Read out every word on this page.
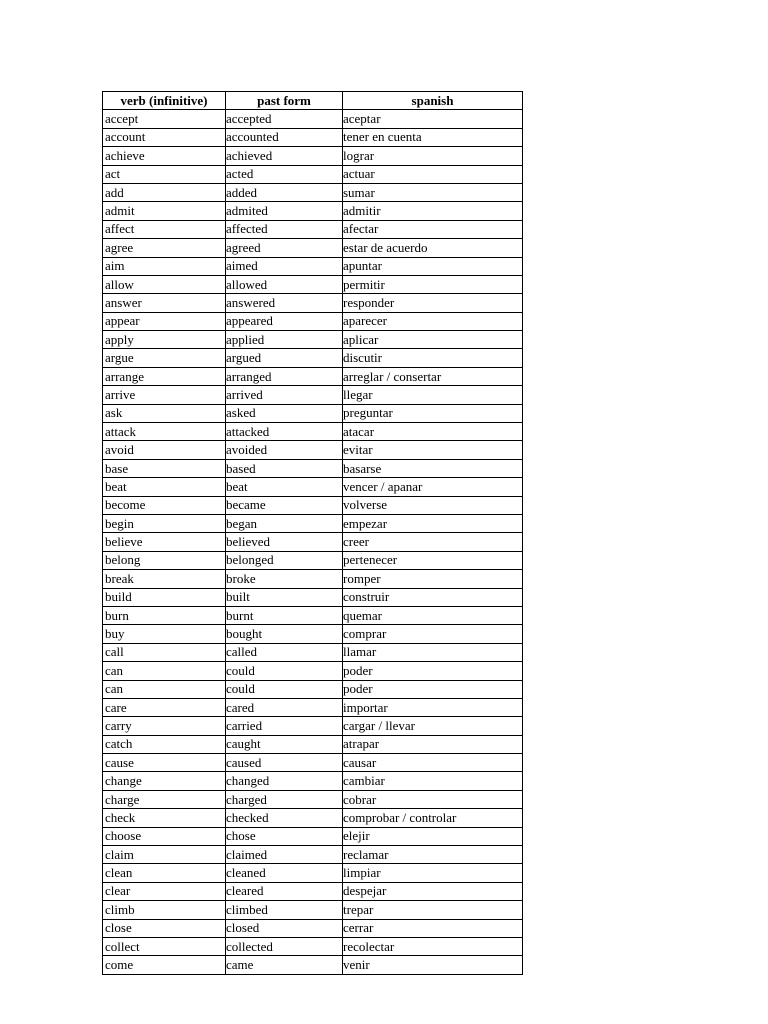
verb (infinitive)	past form	spanish
accept	accepted	aceptar
account	accounted	tener en cuenta
achieve	achieved	lograr
act	acted	actuar
add	added	sumar
admit	admited	admitir
affect	affected	afectar
agree	agreed	estar de acuerdo
aim	aimed	apuntar
allow	allowed	permitir
answer	answered	responder
appear	appeared	aparecer
apply	applied	aplicar
argue	argued	discutir
arrange	arranged	arreglar / consertar
arrive	arrived	llegar
ask	asked	preguntar
attack	attacked	atacar
avoid	avoided	evitar
base	based	basarse
beat	beat	vencer / apanar
become	became	volverse
begin	began	empezar
believe	believed	creer
belong	belonged	pertenecer
break	broke	romper
build	built	construir
burn	burnt	quemar
buy	bought	comprar
call	called	llamar
can	could	poder
can	could	poder
care	cared	importar
carry	carried	cargar / llevar
catch	caught	atrapar
cause	caused	causar
change	changed	cambiar
charge	charged	cobrar
check	checked	comprobar / controlar
choose	chose	elejir
claim	claimed	reclamar
clean	cleaned	limpiar
clear	cleared	despejar
climb	climbed	trepar
close	closed	cerrar
collect	collected	recolectar
come	came	venir
